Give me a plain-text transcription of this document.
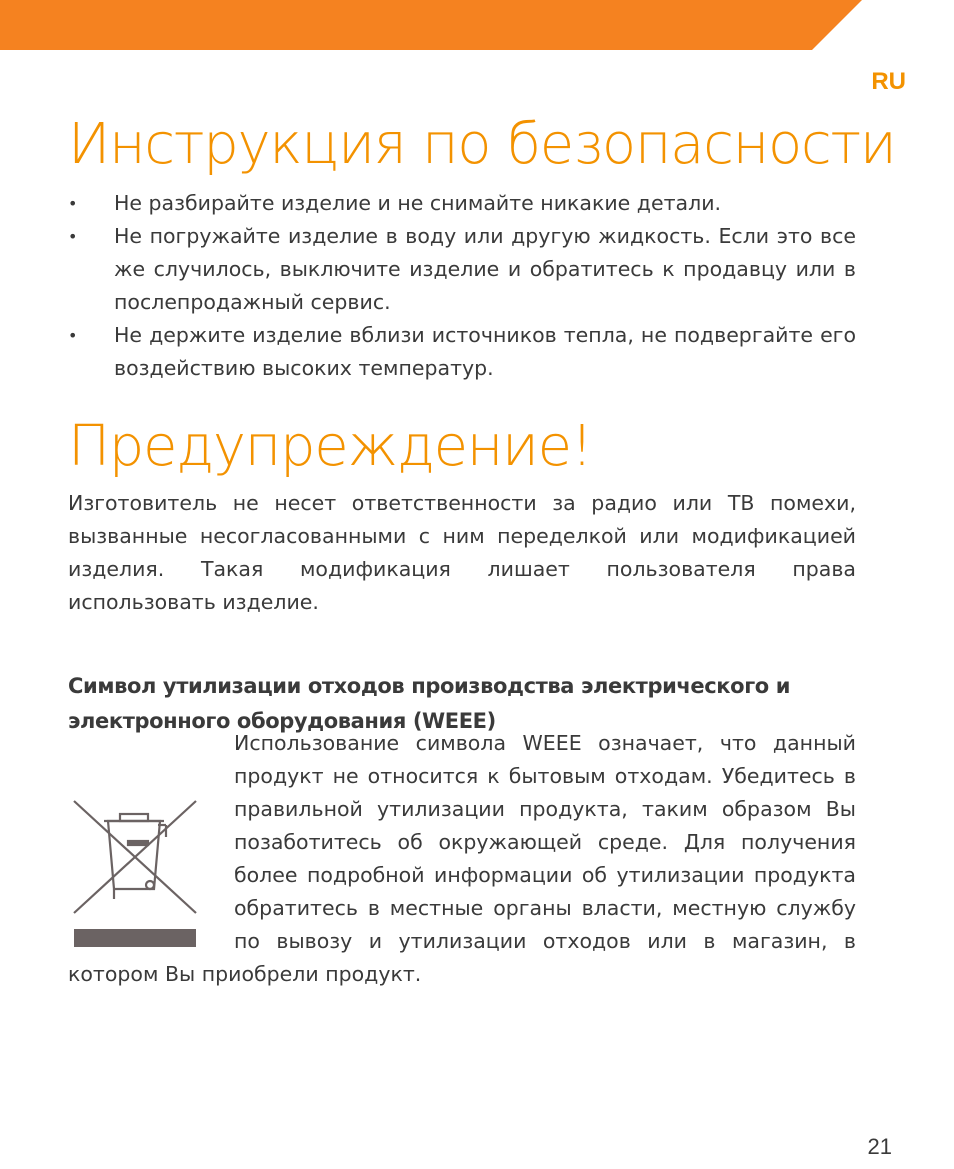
RU
Инструкция по безопасности
• Не разбирайте изделие и не снимайте никакие детали.
• Не погружайте изделие в воду или другую жидкость. Если это все же случилось, выключите изделие и обратитесь к продавцу или в послепродажный сервис.
• Не держите изделие вблизи источников тепла, не подвергайте его воздействию высоких температур.
Предупреждение!

Изготовитель не несет ответственности за радио или ТВ помехи, вызванные несогласованными с ним переделкой или модификацией изделия. Такая модификация лишает пользователя права использовать изделие.

Символ утилизации отходов производства электрического и электронного оборудования (WEEE)
21
Использование символа WEEE означает, что данный продукт не относится к бытовым отходам. Убедитесь в правильной утилизации продукта, таким образом Вы позаботитесь об окружающей среде. Для получения более подробной информации об утилизации продукта обратитесь в местные органы власти, местную службу по вывозу и утилизации отходов или в магазин, в котором Вы приобрели продукт.
